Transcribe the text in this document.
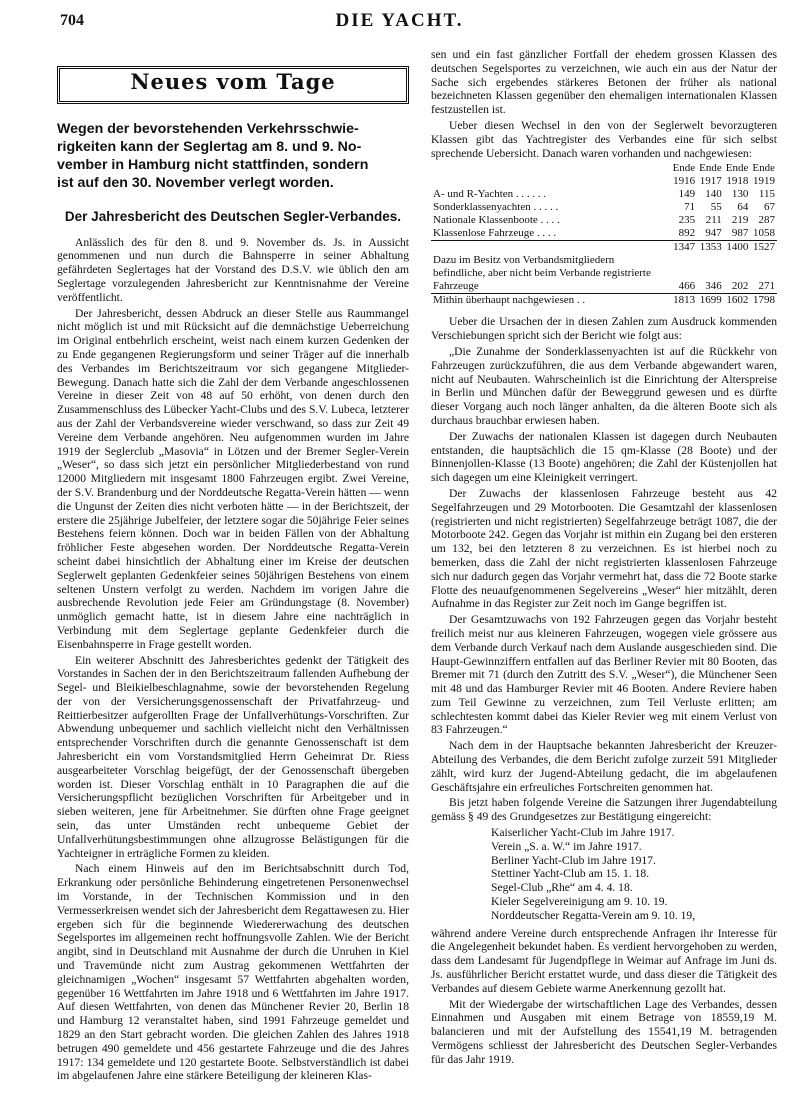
704	DIE YACHT.
Neues vom Tage
Wegen der bevorstehenden Verkehrsschwie-
rigkeiten kann der Seglertag am 8. und 9. No-
vember in Hamburg nicht stattfinden, sondern
ist auf den 30. November verlegt worden.
Der Jahresbericht des Deutschen Segler-Verbandes.

Anlässlich des für den 8. und 9. November ds. Js. in Aussicht genommenen und nun durch die Bahnsperre in seiner Abhaltung gefährdeten Seglertages hat der Vorstand des D.S.V. wie üblich den am Seglertage vorzulegenden Jahresbericht zur Kenntnisnahme der Vereine veröffentlicht.

Der Jahresbericht, dessen Abdruck an dieser Stelle aus Raummangel nicht möglich ist und mit Rücksicht auf die demnächstige Ueberreichung im Original entbehrlich erscheint, weist nach einem kurzen Gedenken der zu Ende gegangenen Regierungsform und seiner Träger auf die innerhalb des Verbandes im Berichtszeitraum vor sich gegangene Mitglieder-Bewegung. Danach hatte sich die Zahl der dem Verbande angeschlossenen Vereine in dieser Zeit von 48 auf 50 erhöht, von denen durch den Zusammenschluss des Lübecker Yacht-Clubs und des S.V. Lubeca, letzterer aus der Zahl der Verbandsvereine wieder verschwand, so dass zur Zeit 49 Vereine dem Verbande angehören. Neu aufgenommen wurden im Jahre 1919 der Seglerclub „Masovia“ in Lötzen und der Bremer Segler-Verein „Weser“, so dass sich jetzt ein persönlicher Mitgliederbestand von rund 12000 Mitgliedern mit insgesamt 1800 Fahrzeugen ergibt. Zwei Vereine, der S.V. Brandenburg und der Norddeutsche Regatta-Verein hätten — wenn die Ungunst der Zeiten dies nicht verboten hätte — in der Berichtszeit, der erstere die 25jährige Jubelfeier, der letztere sogar die 50jährige Feier seines Bestehens feiern können. Doch war in beiden Fällen von der Abhaltung fröhlicher Feste abgesehen worden. Der Norddeutsche Regatta-Verein scheint dabei hinsichtlich der Abhaltung einer im Kreise der deutschen Seglerwelt geplanten Gedenkfeier seines 50jährigen Bestehens von einem seltenen Unstern verfolgt zu werden. Nachdem im vorigen Jahre die ausbrechende Revolution jede Feier am Gründungstage (8. November) unmöglich gemacht hatte, ist in diesem Jahre eine nachträglich in Verbindung mit dem Seglertage geplante Gedenkfeier durch die Eisenbahnsperre in Frage gestellt worden.

Ein weiterer Abschnitt des Jahresberichtes gedenkt der Tätigkeit des Vorstandes in Sachen der in den Berichtszeitraum fallenden Aufhebung der Segel- und Bleikielbeschlagnahme, sowie der bevorstehenden Regelung der von der Versicherungsgenossenschaft der Privatfahrzeug- und Reittierbesitzer aufgerollten Frage der Unfallverhütungs-Vorschriften. Zur Abwendung unbequemer und sachlich vielleicht nicht den Verhältnissen entsprechender Vorschriften durch die genannte Genossenschaft ist dem Jahresbericht ein vom Vorstandsmitglied Herrn Geheimrat Dr. Riess ausgearbeiteter Vorschlag beigefügt, der der Genossenschaft übergeben worden ist. Dieser Vorschlag enthält in 10 Paragraphen die auf die Versicherungspflicht bezüglichen Vorschriften für Arbeitgeber und in sieben weiteren, jene für Arbeitnehmer. Sie dürften ohne Frage geeignet sein, das unter Umständen recht unbequeme Gebiet der Unfallverhütungsbestimmungen ohne allzugrosse Belästigungen für die Yachteigner in erträgliche Formen zu kleiden.

Nach einem Hinweis auf den im Berichtsabschnitt durch Tod, Erkrankung oder persönliche Behinderung eingetretenen Personenwechsel im Vorstande, in der Technischen Kommission und in den Vermesserkreisen wendet sich der Jahresbericht dem Regattawesen zu. Hier ergeben sich für die beginnende Wiedererwachung des deutschen Segelsportes im allgemeinen recht hoffnungsvolle Zahlen. Wie der Bericht angibt, sind in Deutschland mit Ausnahme der durch die Unruhen in Kiel und Travemünde nicht zum Austrag gekommenen Wettfahrten der gleichnamigen „Wochen“ insgesamt 57 Wettfahrten abgehalten worden, gegenüber 16 Wettfahrten im Jahre 1918 und 6 Wettfahrten im Jahre 1917. Auf diesen Wettfahrten, von denen das Münchener Revier 20, Berlin 18 und Hamburg 12 veranstaltet haben, sind 1991 Fahrzeuge gemeldet und 1829 an den Start gebracht worden. Die gleichen Zahlen des Jahres 1918 betrugen 490 gemeldete und 456 gestartete Fahrzeuge und die des Jahres 1917: 134 gemeldete und 120 gestartete Boote. Selbstverständlich ist dabei im abgelaufenen Jahre eine stärkere Beteiligung der kleineren Klas-

sen und ein fast gänzlicher Fortfall der ehedem grossen Klassen des deutschen Segelsportes zu verzeichnen, wie auch ein aus der Natur der Sache sich ergebendes stärkeres Betonen der früher als national bezeichneten Klassen gegenüber den ehemaligen internationalen Klassen festzustellen ist.

Ueber diesen Wechsel in den von der Seglerwelt bevorzugteren Klassen gibt das Yachtregister des Verbandes eine für sich selbst sprechende Uebersicht. Danach waren vorhanden und nachgewiesen:

	Ende	Ende	Ende	Ende
	1916	1917	1918	1919
A- und R-Yachten . . . . . .	149	140	130	115
Sonderklassenyachten . . . . .	71	55	64	67
Nationale Klassenboote . . . .	235	211	219	287
Klassenlose Fahrzeuge . . . .	892	947	987	1058
	1347	1353	1400	1527
Dazu im Besitz von Verbandsmitgliedern befindliche, aber nicht beim Verbande registrierte Fahrzeuge	466	346	202	271
Mithin überhaupt nachgewiesen . .	1813	1699	1602	1798

Ueber die Ursachen der in diesen Zahlen zum Ausdruck kommenden Verschiebungen spricht sich der Bericht wie folgt aus:

„Die Zunahme der Sonderklassenyachten ist auf die Rückkehr von Fahrzeugen zurückzuführen, die aus dem Verbande abgewandert waren, nicht auf Neubauten. Wahrscheinlich ist die Einrichtung der Alterspreise in Berlin und München dafür der Beweggrund gewesen und es dürfte dieser Vorgang auch noch länger anhalten, da die älteren Boote sich als durchaus brauchbar erwiesen haben.

Der Zuwachs der nationalen Klassen ist dagegen durch Neubauten entstanden, die hauptsächlich die 15 qm-Klasse (28 Boote) und der Binnenjollen-Klasse (13 Boote) angehören; die Zahl der Küstenjollen hat sich dagegen um eine Kleinigkeit verringert.

Der Zuwachs der klassenlosen Fahrzeuge besteht aus 42 Segelfahrzeugen und 29 Motorbooten. Die Gesamtzahl der klassenlosen (registrierten und nicht registrierten) Segelfahrzeuge beträgt 1087, die der Motorboote 242. Gegen das Vorjahr ist mithin ein Zugang bei den ersteren um 132, bei den letzteren 8 zu verzeichnen. Es ist hierbei noch zu bemerken, dass die Zahl der nicht registrierten klassenlosen Fahrzeuge sich nur dadurch gegen das Vorjahr vermehrt hat, dass die 72 Boote starke Flotte des neuaufgenommenen Segelvereins „Weser“ hier mitzählt, deren Aufnahme in das Register zur Zeit noch im Gange begriffen ist.

Der Gesamtzuwachs von 192 Fahrzeugen gegen das Vorjahr besteht freilich meist nur aus kleineren Fahrzeugen, wogegen viele grössere aus dem Verbande durch Verkauf nach dem Auslande ausgeschieden sind. Die Haupt-Gewinnziffern entfallen auf das Berliner Revier mit 80 Booten, das Bremer mit 71 (durch den Zutritt des S.V. „Weser“), die Münchener Seen mit 48 und das Hamburger Revier mit 46 Booten. Andere Reviere haben zum Teil Gewinne zu verzeichnen, zum Teil Verluste erlitten; am schlechtesten kommt dabei das Kieler Revier weg mit einem Verlust von 83 Fahrzeugen.“

Nach dem in der Hauptsache bekannten Jahresbericht der Kreuzer-Abteilung des Verbandes, die dem Bericht zufolge zurzeit 591 Mitglieder zählt, wird kurz der Jugend-Abteilung gedacht, die im abgelaufenen Geschäftsjahre ein erfreuliches Fortschreiten genommen hat.

Bis jetzt haben folgende Vereine die Satzungen ihrer Jugendabteilung gemäss § 49 des Grundgesetzes zur Bestätigung eingereicht:

Kaiserlicher Yacht-Club im Jahre 1917.
Verein „S. a. W.“ im Jahre 1917.
Berliner Yacht-Club im Jahre 1917.
Stettiner Yacht-Club am 15. 1. 18.
Segel-Club „Rhe“ am 4. 4. 18.
Kieler Segelvereinigung am 9. 10. 19.
Norddeutscher Regatta-Verein am 9. 10. 19,

während andere Vereine durch entsprechende Anfragen ihr Interesse für die Angelegenheit bekundet haben. Es verdient hervorgehoben zu werden, dass dem Landesamt für Jugendpflege in Weimar auf Anfrage im Juni ds. Js. ausführlicher Bericht erstattet wurde, und dass dieser die Tätigkeit des Verbandes auf diesem Gebiete warme Anerkennung gezollt hat.

Mit der Wiedergabe der wirtschaftlichen Lage des Verbandes, dessen Einnahmen und Ausgaben mit einem Betrage von 18559,19 M. balancieren und mit der Aufstellung des 15541,19 M. betragenden Vermögens schliesst der Jahresbericht des Deutschen Segler-Verbandes für das Jahr 1919.
